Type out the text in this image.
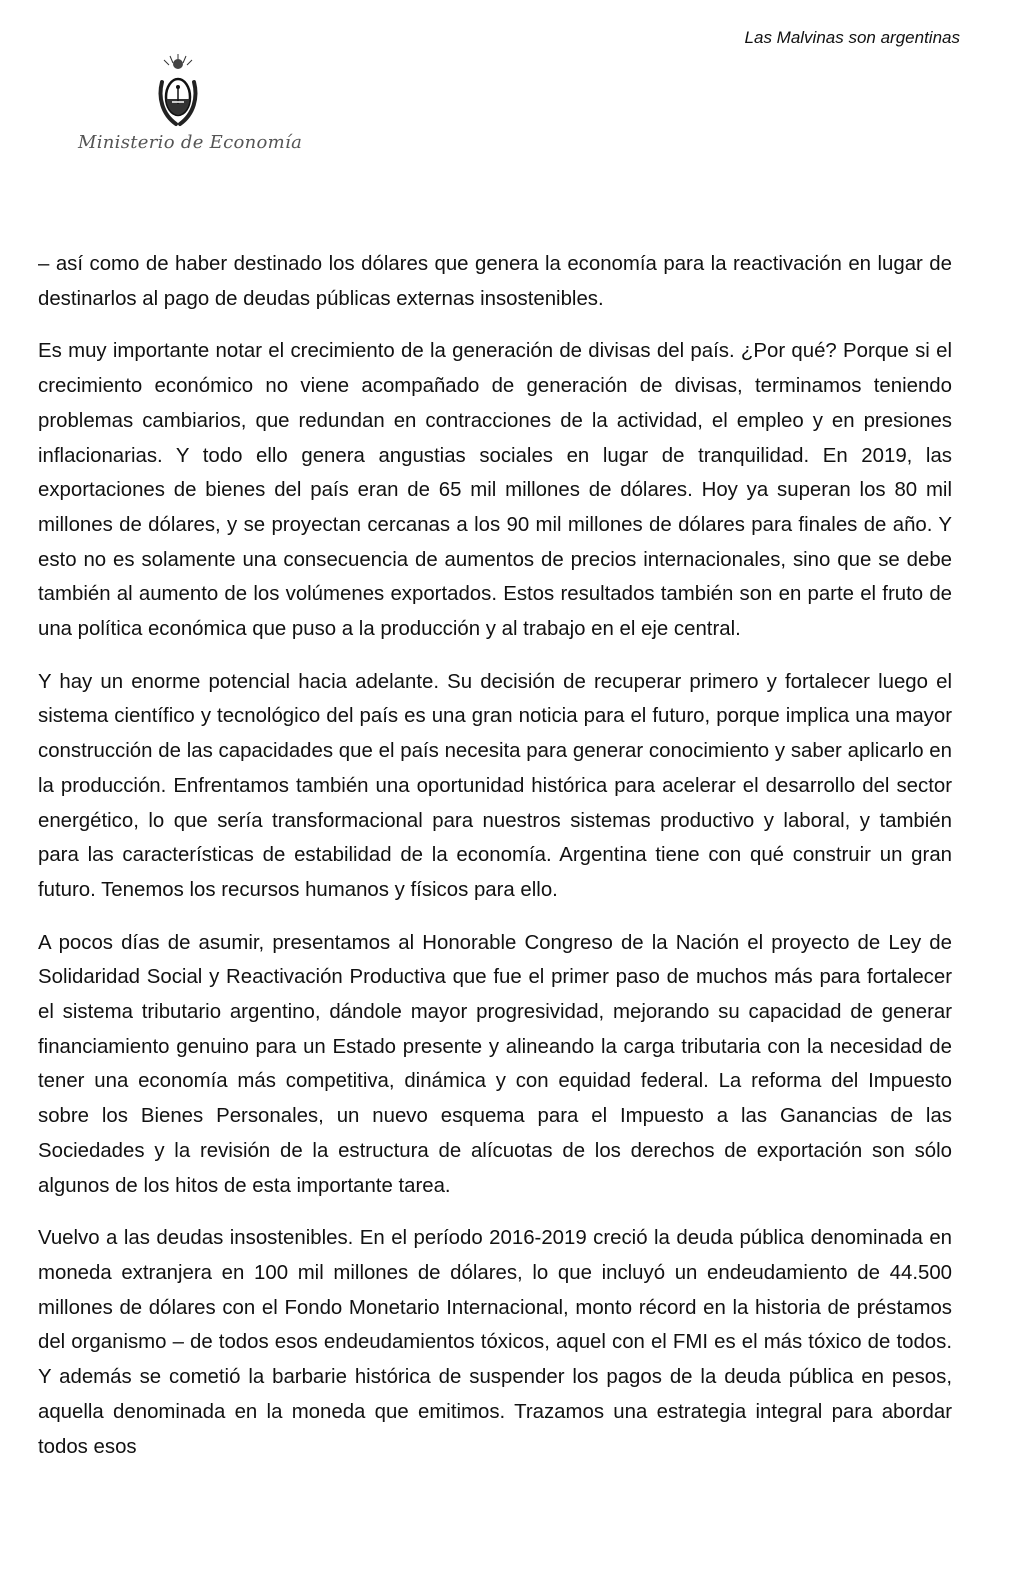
Las Malvinas son argentinas
Ministerio de Economía

– así como de haber destinado los dólares que genera la economía para la reactivación en lugar de destinarlos al pago de deudas públicas externas insostenibles.

Es muy importante notar el crecimiento de la generación de divisas del país. ¿Por qué? Porque si el crecimiento económico no viene acompañado de generación de divisas, terminamos teniendo problemas cambiarios, que redundan en contracciones de la actividad, el empleo y en presiones inflacionarias. Y todo ello genera angustias sociales en lugar de tranquilidad. En 2019, las exportaciones de bienes del país eran de 65 mil millones de dólares. Hoy ya superan los 80 mil millones de dólares, y se proyectan cercanas a los 90 mil millones de dólares para finales de año. Y esto no es solamente una consecuencia de aumentos de precios internacionales, sino que se debe también al aumento de los volúmenes exportados. Estos resultados también son en parte el fruto de una política económica que puso a la producción y al trabajo en el eje central.

Y hay un enorme potencial hacia adelante. Su decisión de recuperar primero y fortalecer luego el sistema científico y tecnológico del país es una gran noticia para el futuro, porque implica una mayor construcción de las capacidades que el país necesita para generar conocimiento y saber aplicarlo en la producción. Enfrentamos también una oportunidad histórica para acelerar el desarrollo del sector energético, lo que sería transformacional para nuestros sistemas productivo y laboral, y también para las características de estabilidad de la economía. Argentina tiene con qué construir un gran futuro. Tenemos los recursos humanos y físicos para ello.

A pocos días de asumir, presentamos al Honorable Congreso de la Nación el proyecto de Ley de Solidaridad Social y Reactivación Productiva que fue el primer paso de muchos más para fortalecer el sistema tributario argentino, dándole mayor progresividad, mejorando su capacidad de generar financiamiento genuino para un Estado presente y alineando la carga tributaria con la necesidad de tener una economía más competitiva, dinámica y con equidad federal. La reforma del Impuesto sobre los Bienes Personales, un nuevo esquema para el Impuesto a las Ganancias de las Sociedades y la revisión de la estructura de alícuotas de los derechos de exportación son sólo algunos de los hitos de esta importante tarea.

Vuelvo a las deudas insostenibles. En el período 2016-2019 creció la deuda pública denominada en moneda extranjera en 100 mil millones de dólares, lo que incluyó un endeudamiento de 44.500 millones de dólares con el Fondo Monetario Internacional, monto récord en la historia de préstamos del organismo – de todos esos endeudamientos tóxicos, aquel con el FMI es el más tóxico de todos. Y además se cometió la barbarie histórica de suspender los pagos de la deuda pública en pesos, aquella denominada en la moneda que emitimos. Trazamos una estrategia integral para abordar todos esos
